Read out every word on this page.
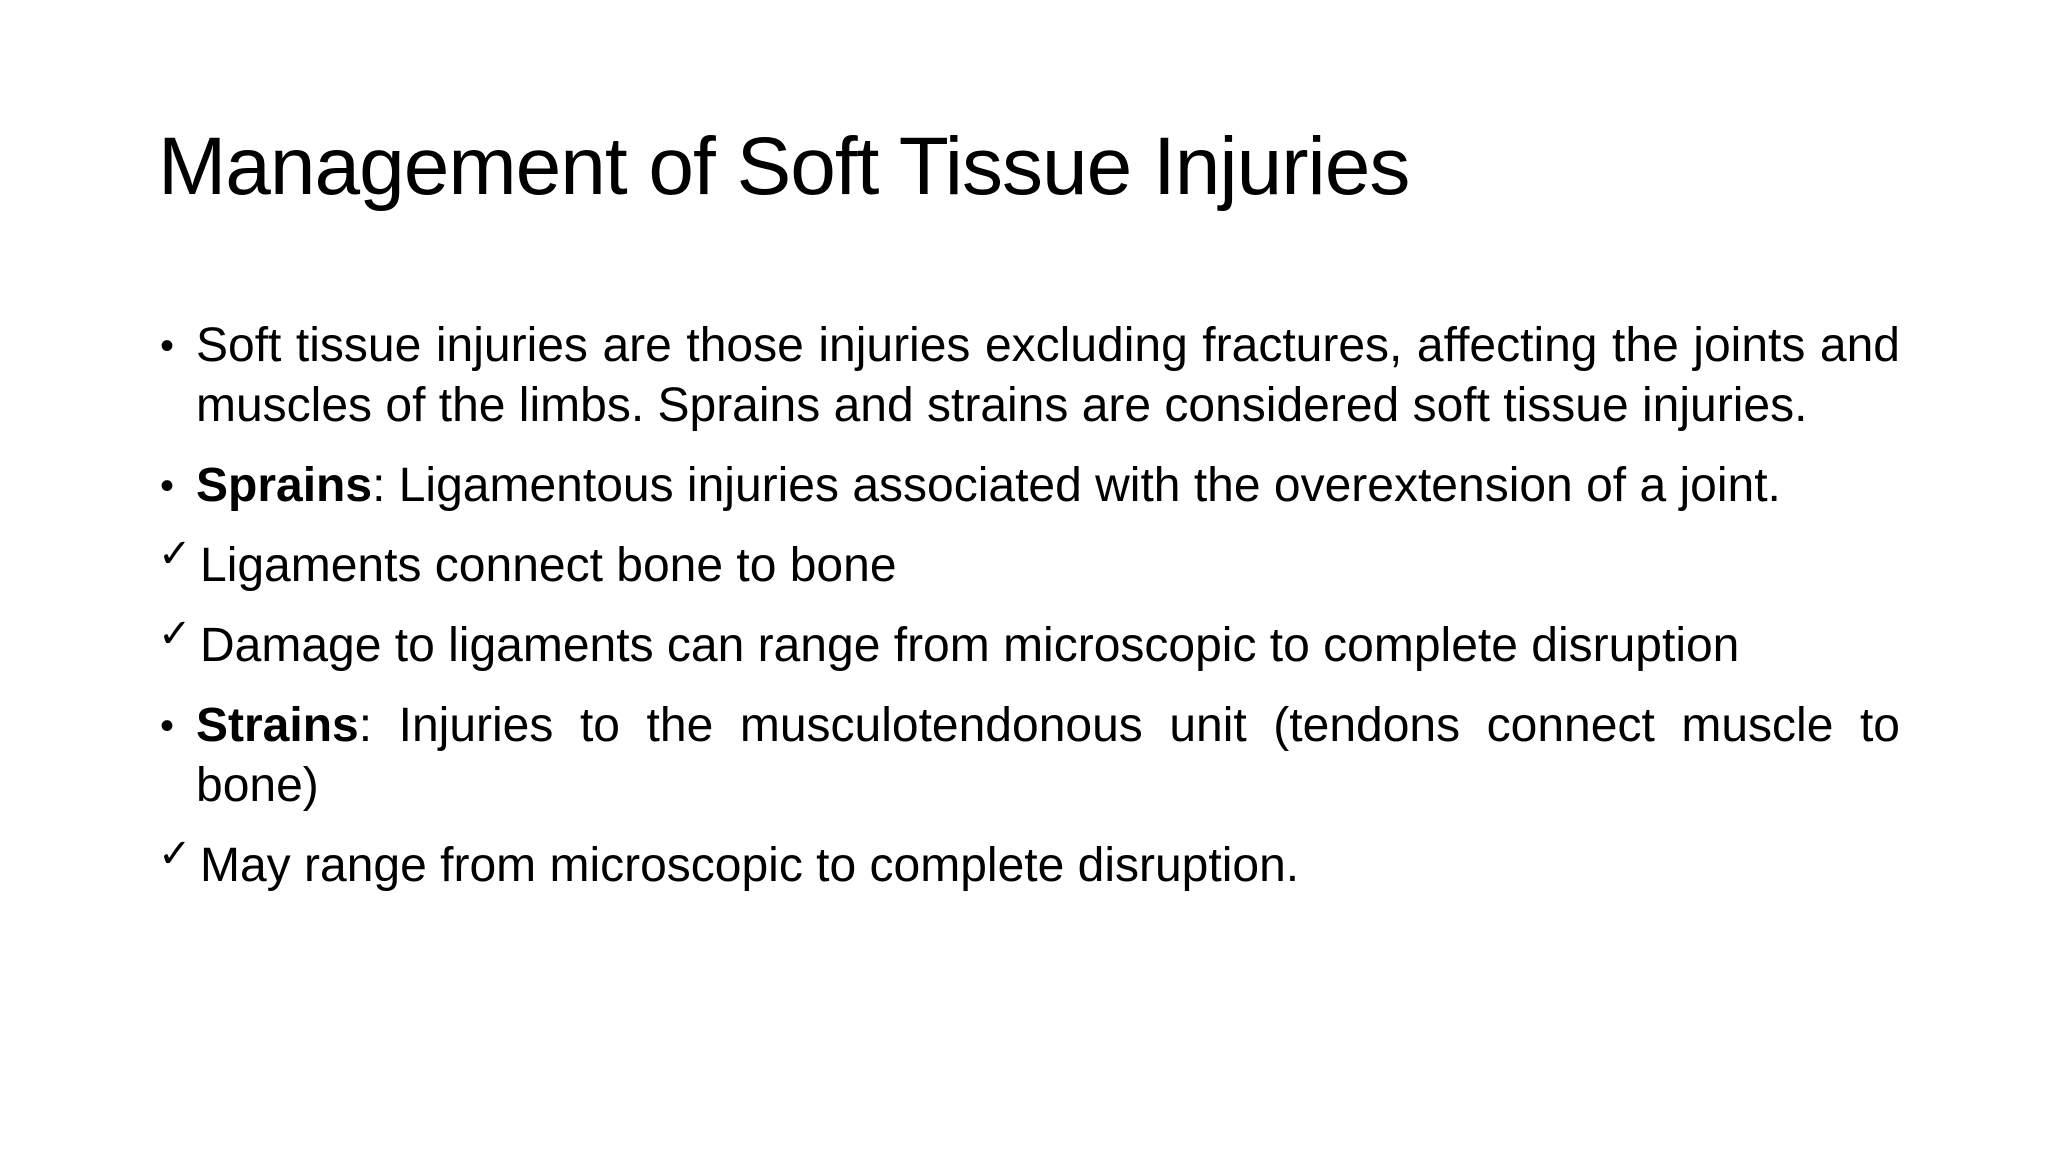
Management of Soft Tissue Injuries
• Soft tissue injuries are those injuries excluding fractures, affecting the joints and muscles of the limbs. Sprains and strains are considered soft tissue injuries.
• Sprains: Ligamentous injuries associated with the overextension of a joint.
✓ Ligaments connect bone to bone
✓ Damage to ligaments can range from microscopic to complete disruption
• Strains: Injuries to the musculotendonous unit (tendons connect muscle to bone)
✓ May range from microscopic to complete disruption.
